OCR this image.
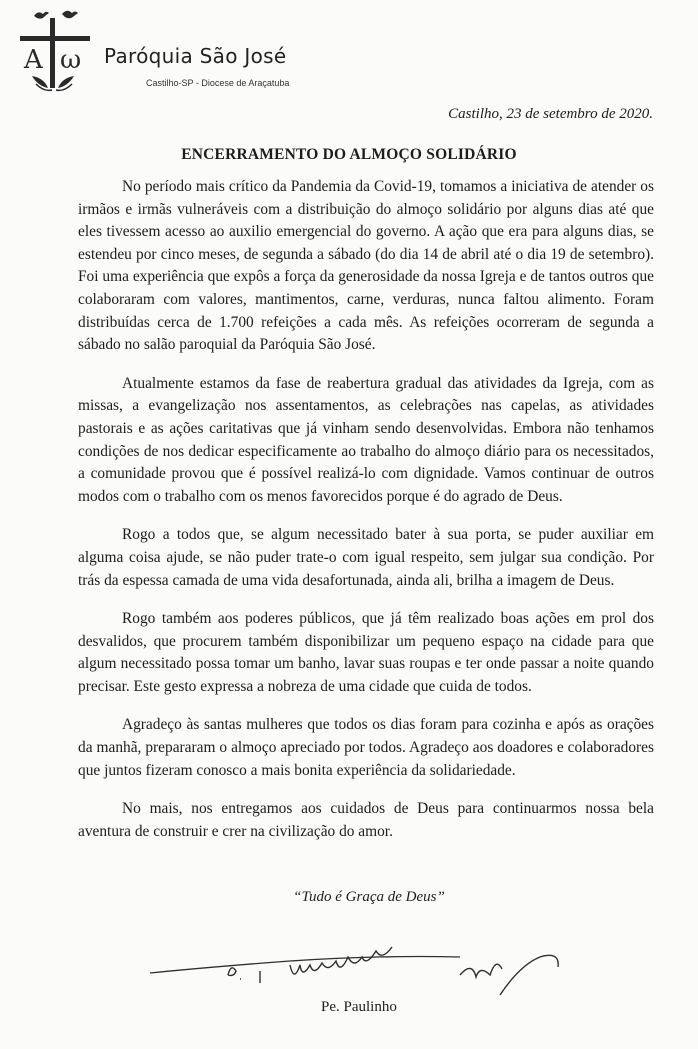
A ω Paróquia São José
Castilho-SP - Diocese de Araçatuba
Castilho, 23 de setembro de 2020.
ENCERRAMENTO DO ALMOÇO SOLIDÁRIO

No período mais crítico da Pandemia da Covid-19, tomamos a iniciativa de atender os irmãos e irmãs vulneráveis com a distribuição do almoço solidário por alguns dias até que eles tivessem acesso ao auxilio emergencial do governo. A ação que era para alguns dias, se estendeu por cinco meses, de segunda a sábado (do dia 14 de abril até o dia 19 de setembro). Foi uma experiência que expôs a força da generosidade da nossa Igreja e de tantos outros que colaboraram com valores, mantimentos, carne, verduras, nunca faltou alimento. Foram distribuídas cerca de 1.700 refeições a cada mês. As refeições ocorreram de segunda a sábado no salão paroquial da Paróquia São José.

Atualmente estamos da fase de reabertura gradual das atividades da Igreja, com as missas, a evangelização nos assentamentos, as celebrações nas capelas, as atividades pastorais e as ações caritativas que já vinham sendo desenvolvidas. Embora não tenhamos condições de nos dedicar especificamente ao trabalho do almoço diário para os necessitados, a comunidade provou que é possível realizá-lo com dignidade. Vamos continuar de outros modos com o trabalho com os menos favorecidos porque é do agrado de Deus.

Rogo a todos que, se algum necessitado bater à sua porta, se puder auxiliar em alguma coisa ajude, se não puder trate-o com igual respeito, sem julgar sua condição. Por trás da espessa camada de uma vida desafortunada, ainda ali, brilha a imagem de Deus.

Rogo também aos poderes públicos, que já têm realizado boas ações em prol dos desvalidos, que procurem também disponibilizar um pequeno espaço na cidade para que algum necessitado possa tomar um banho, lavar suas roupas e ter onde passar a noite quando precisar. Este gesto expressa a nobreza de uma cidade que cuida de todos.

Agradeço às santas mulheres que todos os dias foram para cozinha e após as orações da manhã, prepararam o almoço apreciado por todos. Agradeço aos doadores e colaboradores que juntos fizeram conosco a mais bonita experiência da solidariedade.

No mais, nos entregamos aos cuidados de Deus para continuarmos nossa bela aventura de construir e crer na civilização do amor.

“Tudo é Graça de Deus”
Pe. Paulinho
